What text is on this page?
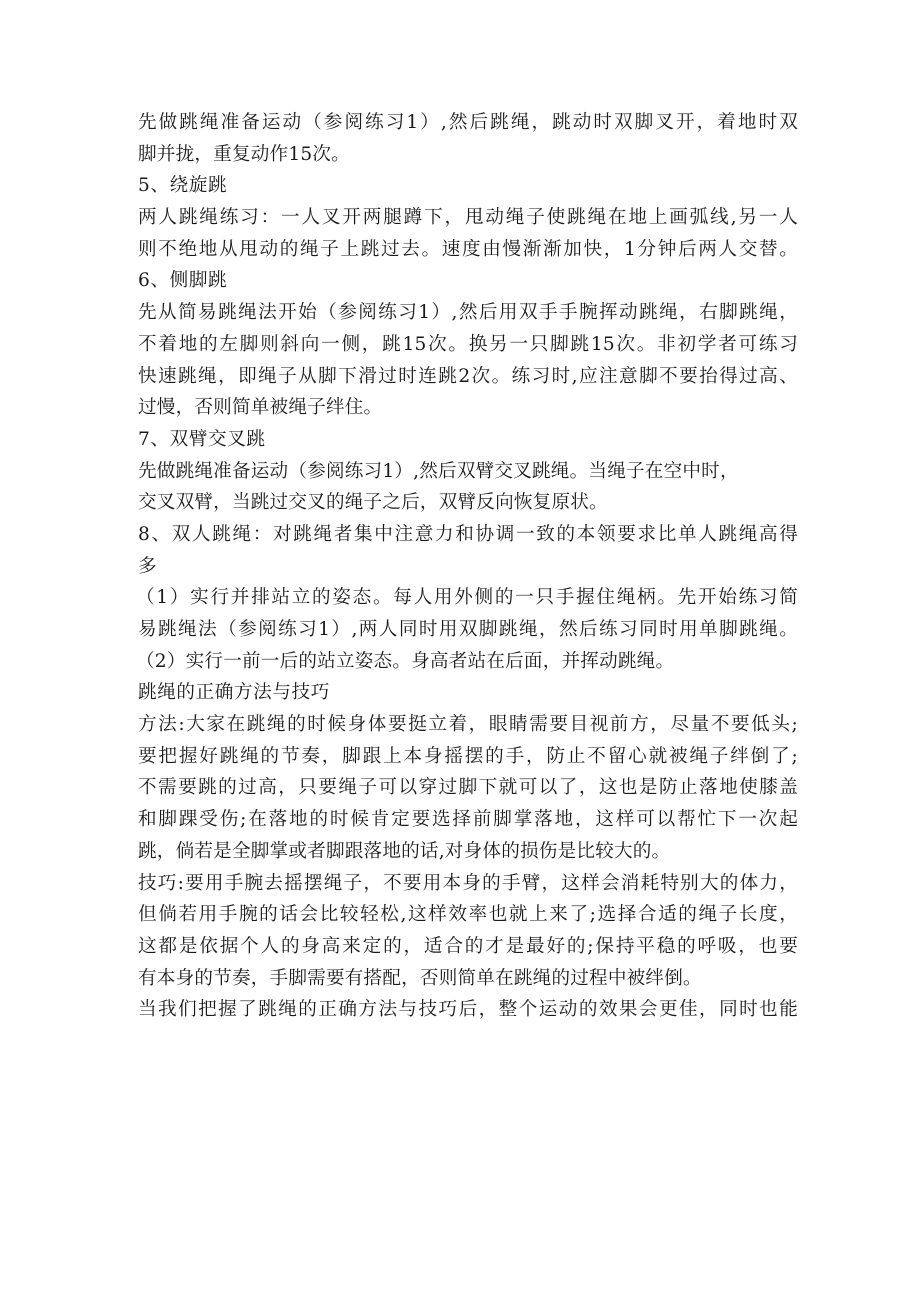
先做跳绳准备运动（参阅练习1）,然后跳绳，跳动时双脚叉开，着地时双
脚并拢，重复动作15次。
5、绕旋跳
两人跳绳练习：一人叉开两腿蹲下，甩动绳子使跳绳在地上画弧线,另一人
则不绝地从甩动的绳子上跳过去。速度由慢渐渐加快，1分钟后两人交替。
6、侧脚跳
先从简易跳绳法开始（参阅练习1）,然后用双手手腕挥动跳绳，右脚跳绳，
不着地的左脚则斜向一侧，跳15次。换另一只脚跳15次。非初学者可练习
快速跳绳，即绳子从脚下滑过时连跳2次。练习时,应注意脚不要抬得过高、
过慢，否则简单被绳子绊住。
7、双臂交叉跳
先做跳绳准备运动（参阅练习1）,然后双臂交叉跳绳。当绳子在空中时，
交叉双臂，当跳过交叉的绳子之后，双臂反向恢复原状。
8、双人跳绳：对跳绳者集中注意力和协调一致的本领要求比单人跳绳高得
多
（1）实行并排站立的姿态。每人用外侧的一只手握住绳柄。先开始练习简
易跳绳法（参阅练习1）,两人同时用双脚跳绳，然后练习同时用单脚跳绳。
（2）实行一前一后的站立姿态。身高者站在后面，并挥动跳绳。
跳绳的正确方法与技巧
方法:大家在跳绳的时候身体要挺立着，眼睛需要目视前方，尽量不要低头;
要把握好跳绳的节奏，脚跟上本身摇摆的手，防止不留心就被绳子绊倒了;
不需要跳的过高，只要绳子可以穿过脚下就可以了，这也是防止落地使膝盖
和脚踝受伤;在落地的时候肯定要选择前脚掌落地，这样可以帮忙下一次起
跳，倘若是全脚掌或者脚跟落地的话,对身体的损伤是比较大的。
技巧:要用手腕去摇摆绳子，不要用本身的手臂，这样会消耗特别大的体力，
但倘若用手腕的话会比较轻松,这样效率也就上来了;选择合适的绳子长度，
这都是依据个人的身高来定的，适合的才是最好的;保持平稳的呼吸，也要
有本身的节奏，手脚需要有搭配，否则简单在跳绳的过程中被绊倒。
当我们把握了跳绳的正确方法与技巧后，整个运动的效果会更佳，同时也能
